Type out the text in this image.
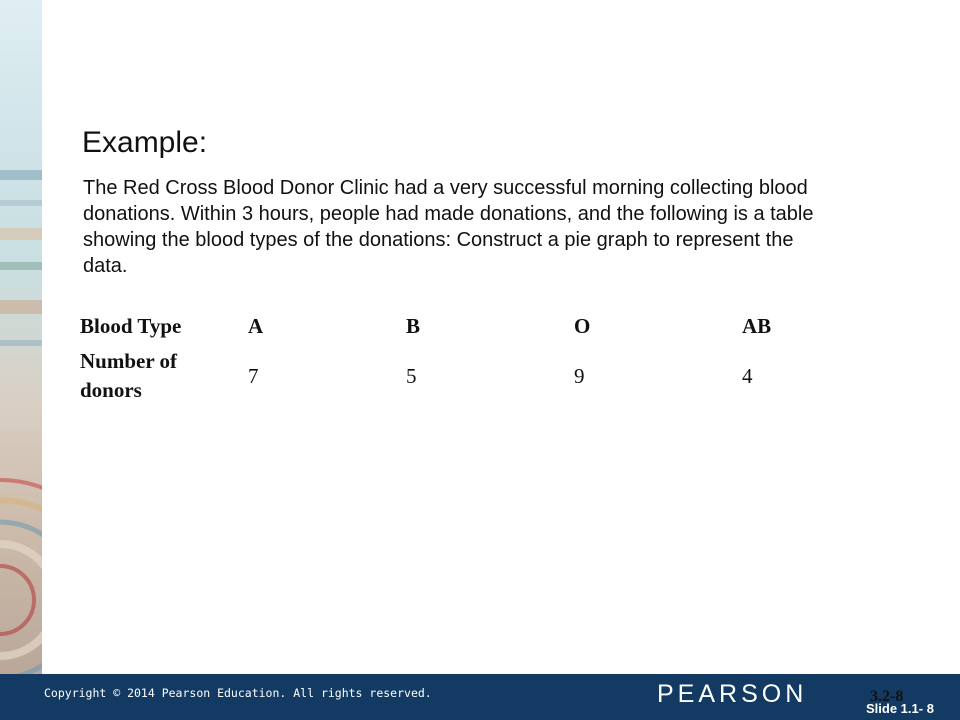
Example:

The Red Cross Blood Donor Clinic had a very successful morning collecting blood donations. Within 3 hours, people had made donations, and the following is a table showing the blood types of the donations: Construct a pie graph to represent the data.

Blood Type	A	B	O	AB

Number of
donors	7	5	9	4
Copyright © 2014 Pearson Education. All rights reserved.	PEARSON	3.2-8
Slide 1.1- 8
